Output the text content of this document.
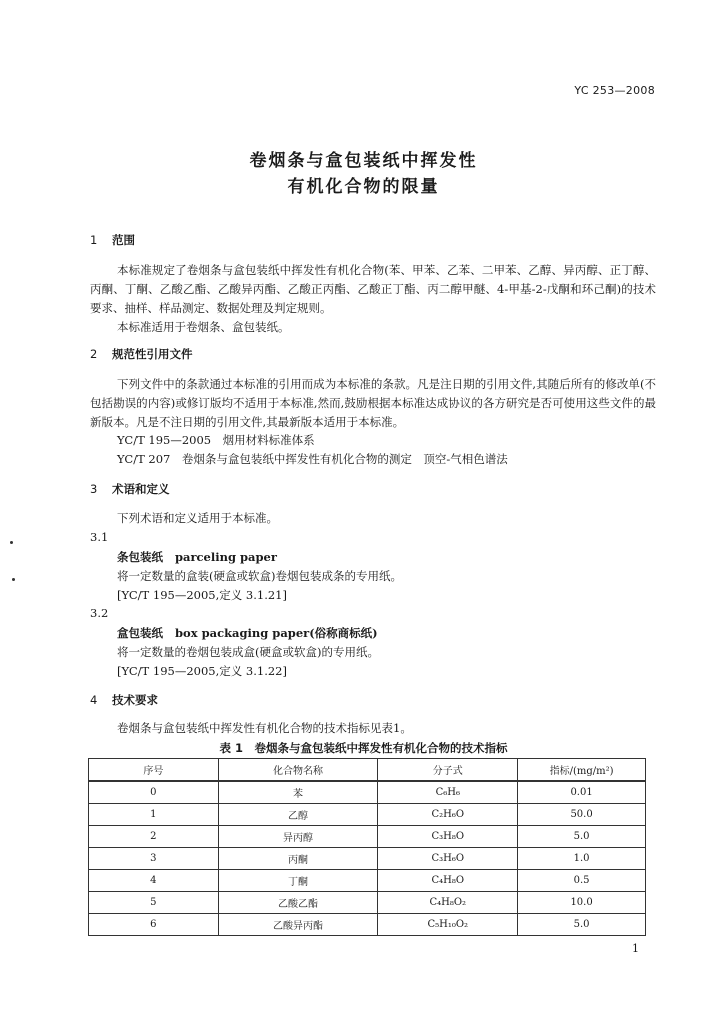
YC 253—2008
卷烟条与盒包装纸中挥发性
有机化合物的限量
1 范围
本标准规定了卷烟条与盒包装纸中挥发性有机化合物(苯、甲苯、乙苯、二甲苯、乙醇、异丙醇、正丁醇、丙酮、丁酮、乙酸乙酯、乙酸异丙酯、乙酸正丙酯、乙酸正丁酯、丙二醇甲醚、4-甲基-2-戊酮和环己酮)的技术要求、抽样、样品测定、数据处理及判定规则。
本标准适用于卷烟条、盒包装纸。
2 规范性引用文件
下列文件中的条款通过本标准的引用而成为本标准的条款。凡是注日期的引用文件,其随后所有的修改单(不包括勘误的内容)或修订版均不适用于本标准,然而,鼓励根据本标准达成协议的各方研究是否可使用这些文件的最新版本。凡是不注日期的引用文件,其最新版本适用于本标准。
YC/T 195—2005　烟用材料标准体系
YC/T 207　卷烟条与盒包装纸中挥发性有机化合物的测定　顶空-气相色谱法
3 术语和定义
下列术语和定义适用于本标准。
3.1
条包装纸 parceling paper
将一定数量的盒装(硬盒或软盒)卷烟包装成条的专用纸。
[YC/T 195—2005,定义 3.1.21]
3.2
盒包装纸 box packaging paper(俗称商标纸)
将一定数量的卷烟包装成盒(硬盒或软盒)的专用纸。
[YC/T 195—2005,定义 3.1.22]
4 技术要求
卷烟条与盒包装纸中挥发性有机化合物的技术指标见表1。
表 1　卷烟条与盒包装纸中挥发性有机化合物的技术指标
序号	化合物名称	分子式	指标/(mg/m²)
0	苯	C₆H₆	0.01
1	乙醇	C₂H₆O	50.0
2	异丙醇	C₃H₈O	5.0
3	丙酮	C₃H₆O	1.0
4	丁酮	C₄H₈O	0.5
5	乙酸乙酯	C₄H₈O₂	10.0
6	乙酸异丙酯	C₅H₁₀O₂	5.0
1
